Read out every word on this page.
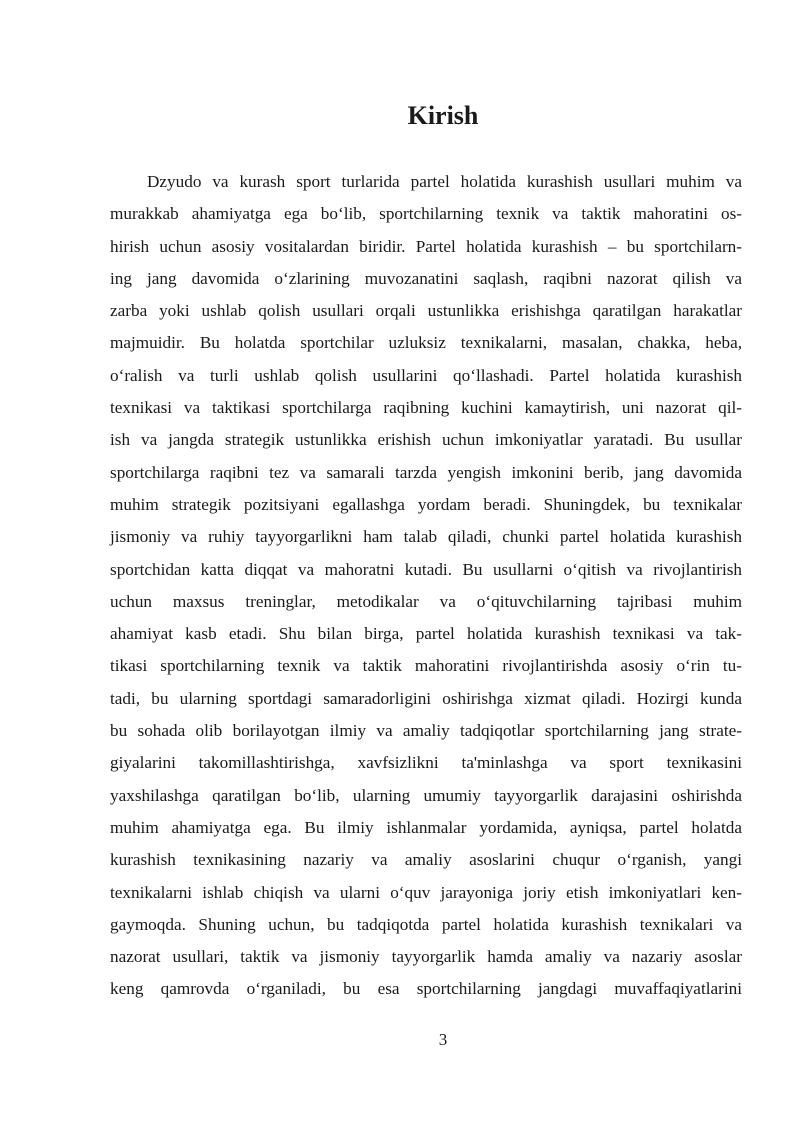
Kirish
Dzyudo va kurash sport turlarida partel holatida kurashish usullari muhim va
murakkab ahamiyatga ega bo‘lib, sportchilarning texnik va taktik mahoratini os-
hirish uchun asosiy vositalardan biridir. Partel holatida kurashish – bu sportchilarn-
ing jang davomida o‘zlarining muvozanatini saqlash, raqibni nazorat qilish va
zarba yoki ushlab qolish usullari orqali ustunlikka erishishga qaratilgan harakatlar
majmuidir. Bu holatda sportchilar uzluksiz texnikalarni, masalan, chakka, heba,
o‘ralish va turli ushlab qolish usullarini qo‘llashadi. Partel holatida kurashish
texnikasi va taktikasi sportchilarga raqibning kuchini kamaytirish, uni nazorat qil-
ish va jangda strategik ustunlikka erishish uchun imkoniyatlar yaratadi. Bu usullar
sportchilarga raqibni tez va samarali tarzda yengish imkonini berib, jang davomida
muhim strategik pozitsiyani egallashga yordam beradi. Shuningdek, bu texnikalar
jismoniy va ruhiy tayyorgarlikni ham talab qiladi, chunki partel holatida kurashish
sportchidan katta diqqat va mahoratni kutadi. Bu usullarni o‘qitish va rivojlantirish
uchun maxsus treninglar, metodikalar va o‘qituvchilarning tajribasi muhim
ahamiyat kasb etadi. Shu bilan birga, partel holatida kurashish texnikasi va tak-
tikasi sportchilarning texnik va taktik mahoratini rivojlantirishda asosiy o‘rin tu-
tadi, bu ularning sportdagi samaradorligini oshirishga xizmat qiladi. Hozirgi kunda
bu sohada olib borilayotgan ilmiy va amaliy tadqiqotlar sportchilarning jang strate-
giyalarini takomillashtirishga, xavfsizlikni ta'minlashga va sport texnikasini
yaxshilashga qaratilgan bo‘lib, ularning umumiy tayyorgarlik darajasini oshirishda
muhim ahamiyatga ega. Bu ilmiy ishlanmalar yordamida, ayniqsa, partel holatda
kurashish texnikasining nazariy va amaliy asoslarini chuqur o‘rganish, yangi
texnikalarni ishlab chiqish va ularni o‘quv jarayoniga joriy etish imkoniyatlari ken-
gaymoqda. Shuning uchun, bu tadqiqotda partel holatida kurashish texnikalari va
nazorat usullari, taktik va jismoniy tayyorgarlik hamda amaliy va nazariy asoslar
keng qamrovda o‘rganiladi, bu esa sportchilarning jangdagi muvaffaqiyatlarini
3
